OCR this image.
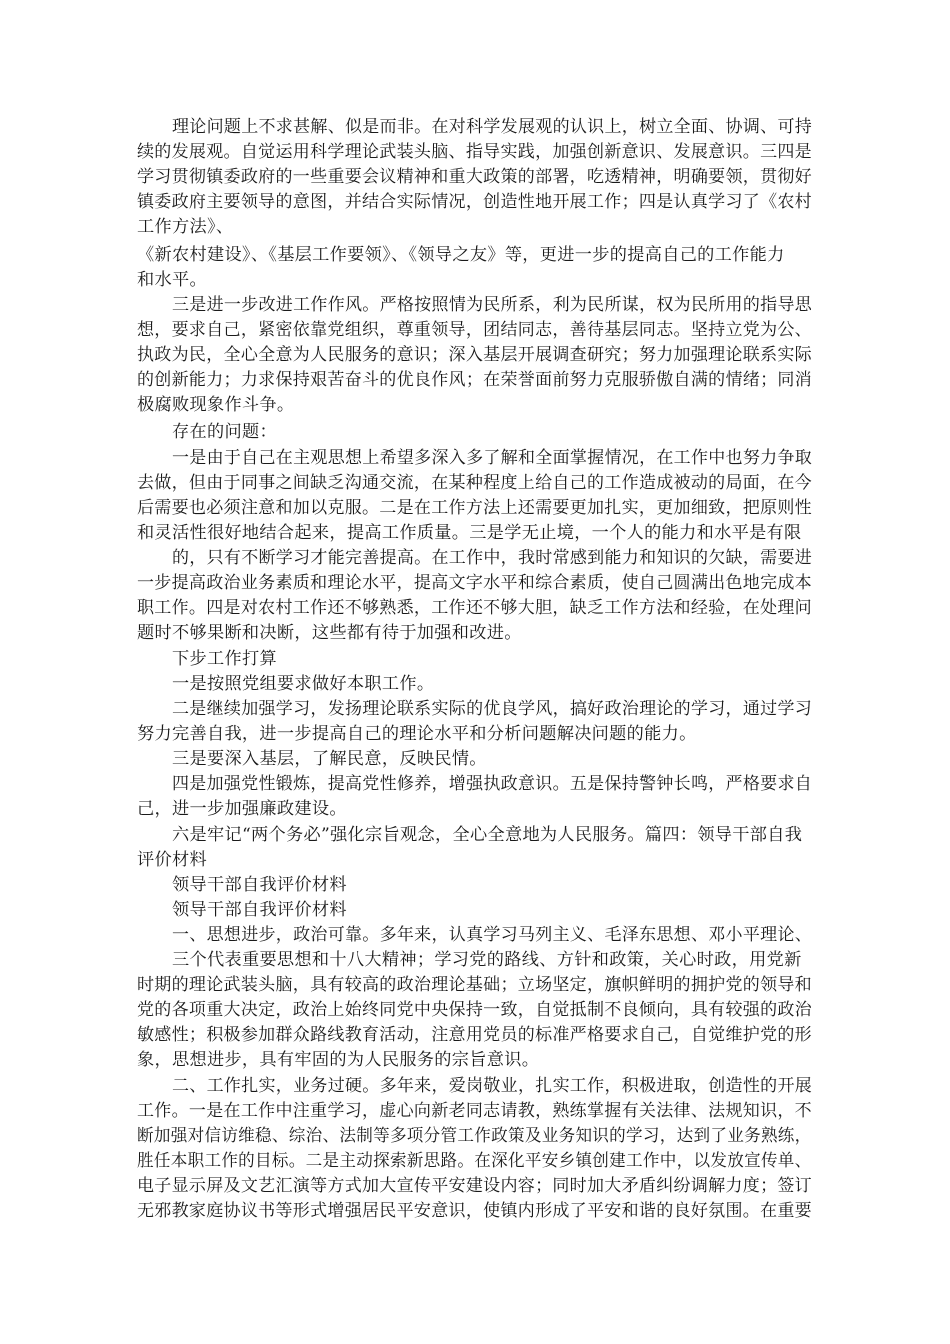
理论问题上不求甚解、似是而非。在对科学发展观的认识上，树立全面、协调、可持
续的发展观。自觉运用科学理论武装头脑、指导实践，加强创新意识、发展意识。三四是
学习贯彻镇委政府的一些重要会议精神和重大政策的部署，吃透精神，明确要领，贯彻好
镇委政府主要领导的意图，并结合实际情况，创造性地开展工作；四是认真学习了《农村
工作方法》、
《新农村建设》、《基层工作要领》、《领导之友》等，更进一步的提高自己的工作能力
和水平。
三是进一步改进工作作风。严格按照情为民所系，利为民所谋，权为民所用的指导思
想，要求自己，紧密依靠党组织，尊重领导，团结同志，善待基层同志。坚持立党为公、
执政为民，全心全意为人民服务的意识；深入基层开展调查研究；努力加强理论联系实际
的创新能力；力求保持艰苦奋斗的优良作风；在荣誉面前努力克服骄傲自满的情绪；同消
极腐败现象作斗争。
存在的问题：
一是由于自己在主观思想上希望多深入多了解和全面掌握情况，在工作中也努力争取
去做，但由于同事之间缺乏沟通交流，在某种程度上给自己的工作造成被动的局面，在今
后需要也必须注意和加以克服。二是在工作方法上还需要更加扎实，更加细致，把原则性
和灵活性很好地结合起来，提高工作质量。三是学无止境，一个人的能力和水平是有限
的，只有不断学习才能完善提高。在工作中，我时常感到能力和知识的欠缺，需要进
一步提高政治业务素质和理论水平，提高文字水平和综合素质，使自己圆满出色地完成本
职工作。四是对农村工作还不够熟悉，工作还不够大胆，缺乏工作方法和经验，在处理问
题时不够果断和决断，这些都有待于加强和改进。
下步工作打算
一是按照党组要求做好本职工作。
二是继续加强学习，发扬理论联系实际的优良学风，搞好政治理论的学习，通过学习
努力完善自我，进一步提高自己的理论水平和分析问题解决问题的能力。
三是要深入基层，了解民意，反映民情。
四是加强党性锻炼，提高党性修养，增强执政意识。五是保持警钟长鸣，严格要求自
己，进一步加强廉政建设。
六是牢记“两个务必”强化宗旨观念，全心全意地为人民服务。篇四：领导干部自我
评价材料
领导干部自我评价材料
领导干部自我评价材料
一、思想进步，政治可靠。多年来，认真学习马列主义、毛泽东思想、邓小平理论、
三个代表重要思想和十八大精神；学习党的路线、方针和政策，关心时政，用党新
时期的理论武装头脑，具有较高的政治理论基础；立场坚定，旗帜鲜明的拥护党的领导和
党的各项重大决定，政治上始终同党中央保持一致，自觉抵制不良倾向，具有较强的政治
敏感性；积极参加群众路线教育活动，注意用党员的标准严格要求自己，自觉维护党的形
象，思想进步，具有牢固的为人民服务的宗旨意识。
二、工作扎实，业务过硬。多年来，爱岗敬业，扎实工作，积极进取，创造性的开展
工作。一是在工作中注重学习，虚心向新老同志请教，熟练掌握有关法律、法规知识，不
断加强对信访维稳、综治、法制等多项分管工作政策及业务知识的学习，达到了业务熟练，
胜任本职工作的目标。二是主动探索新思路。在深化平安乡镇创建工作中，以发放宣传单、
电子显示屏及文艺汇演等方式加大宣传平安建设内容；同时加大矛盾纠纷调解力度；签订
无邪教家庭协议书等形式增强居民平安意识，使镇内形成了平安和谐的良好氛围。在重要
